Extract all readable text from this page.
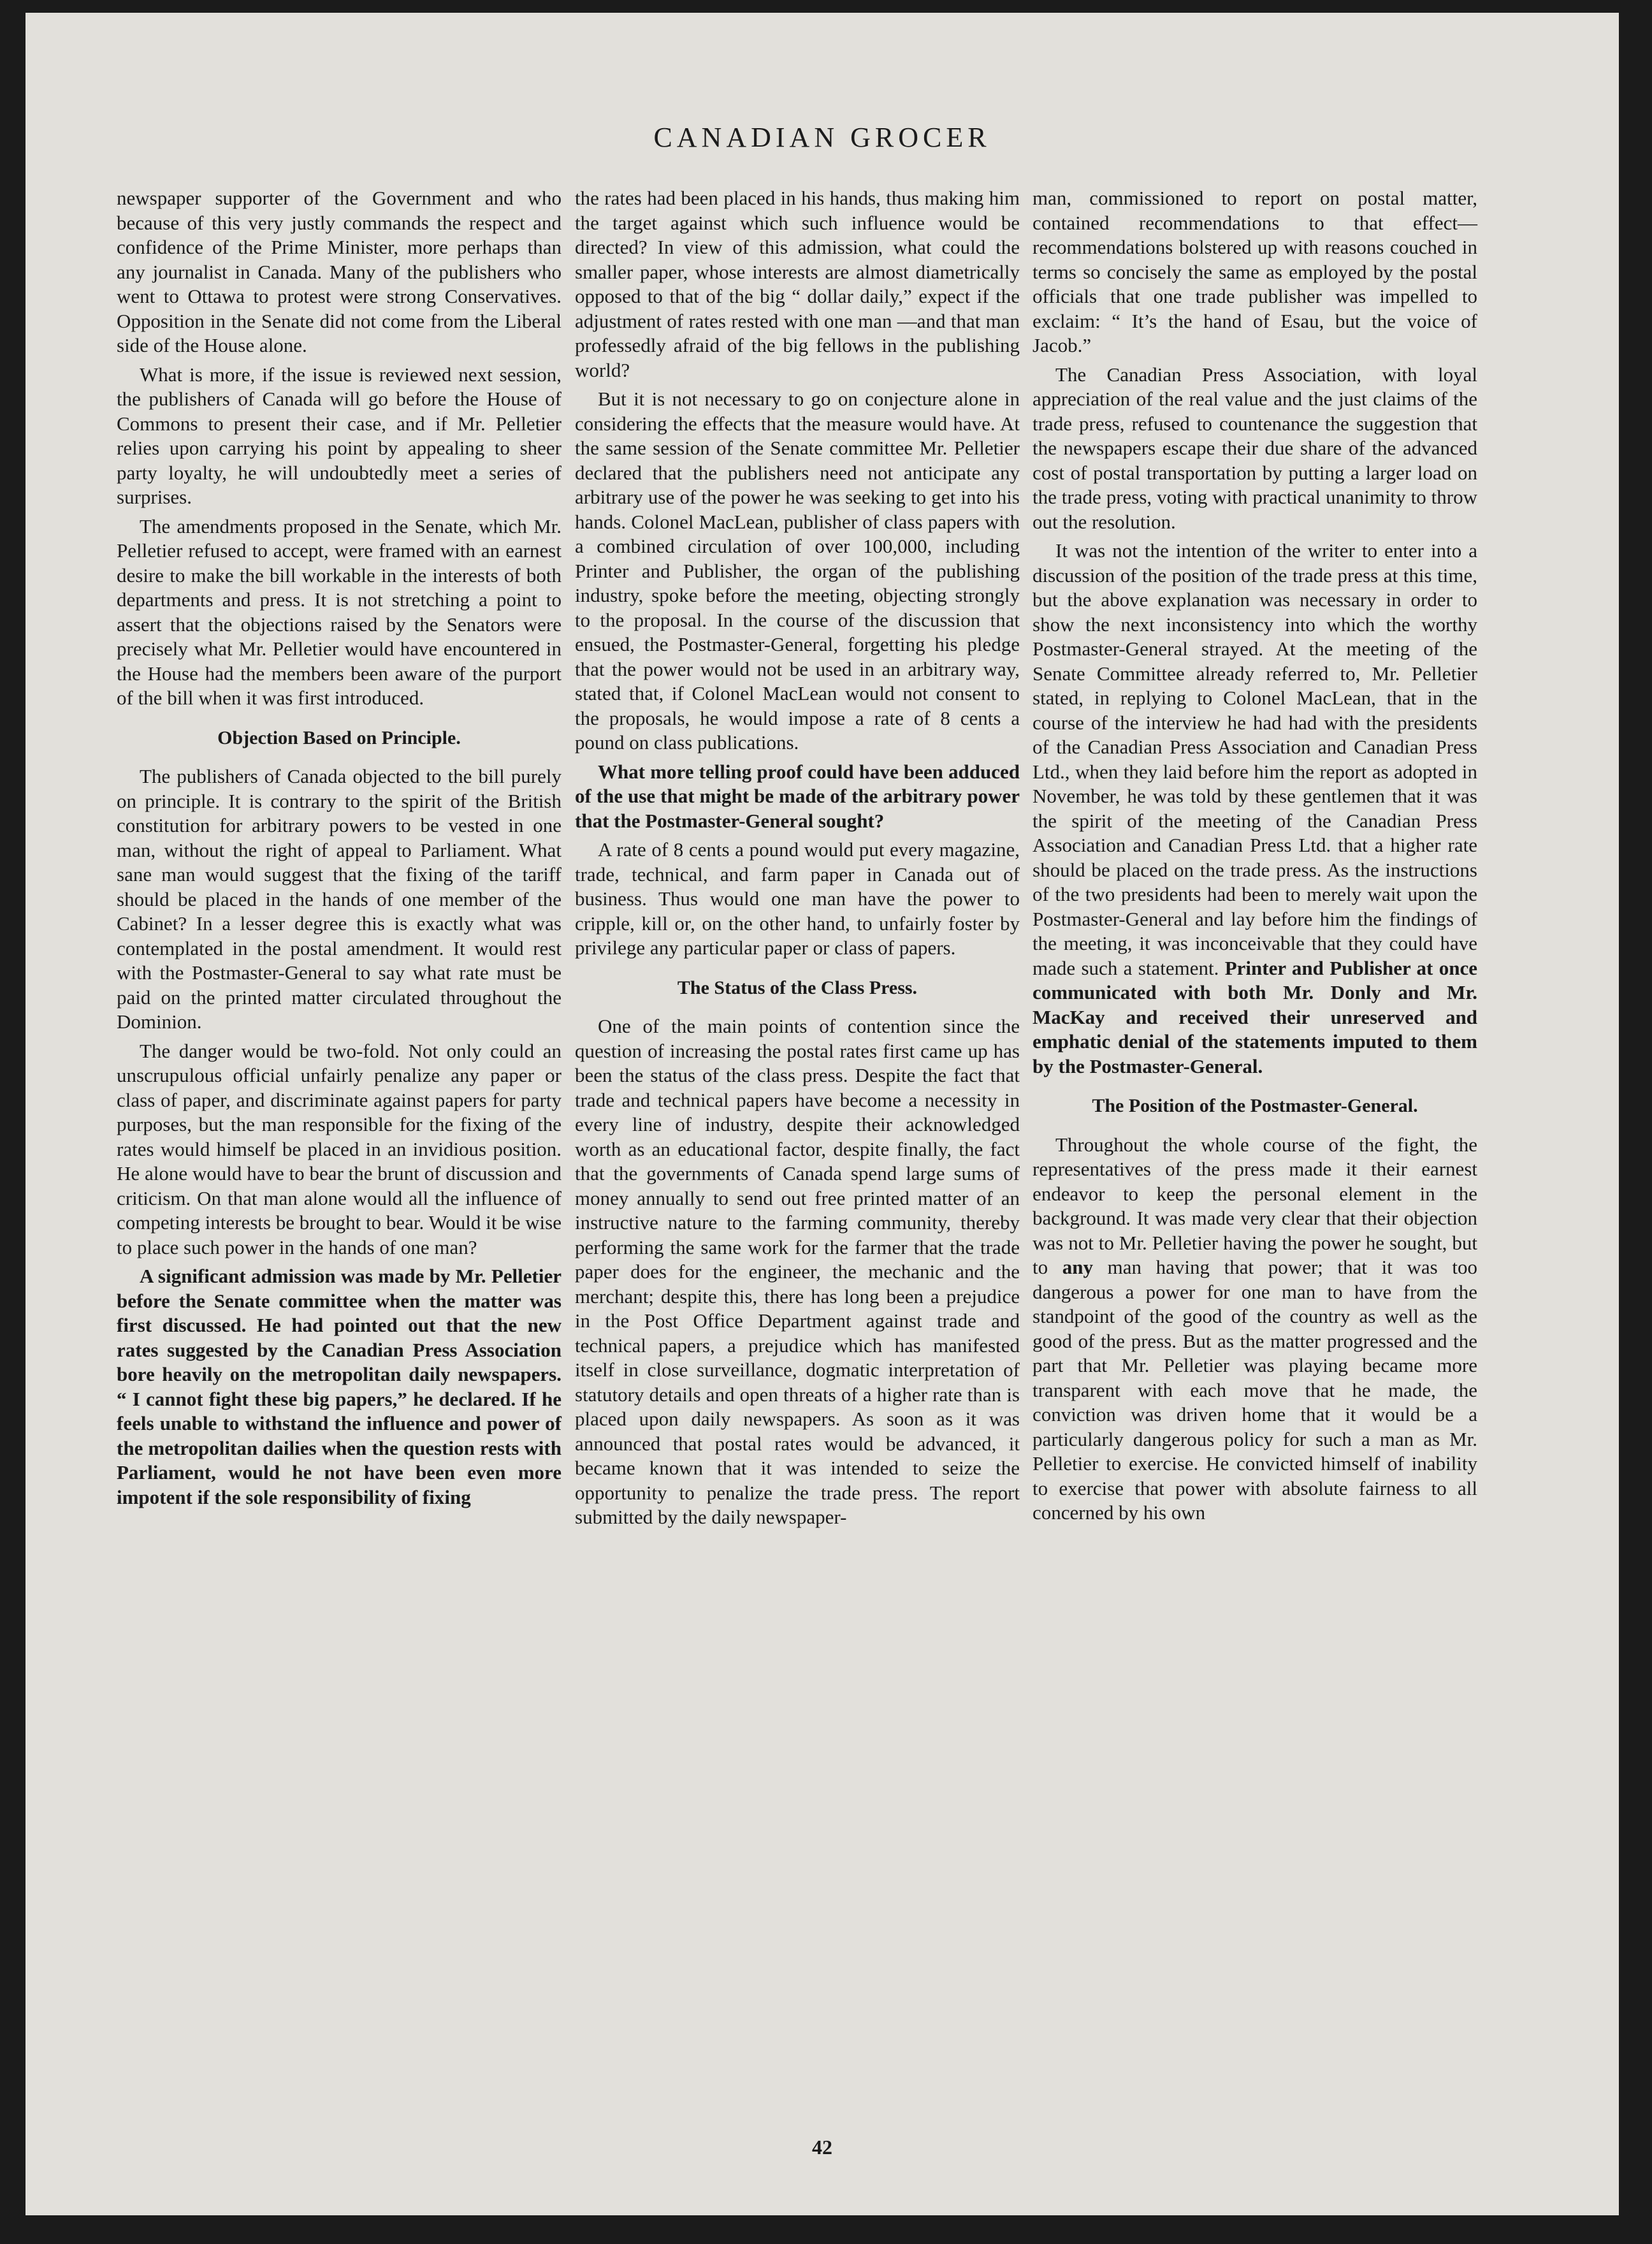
CANADIAN GROCER

newspaper supporter of the Government and who because of this very justly commands the respect and confidence of the Prime Minister, more perhaps than any journalist in Canada. Many of the publishers who went to Ottawa to protest were strong Conservatives. Opposition in the Senate did not come from the Liberal side of the House alone.

What is more, if the issue is reviewed next session, the publishers of Canada will go before the House of Commons to present their case, and if Mr. Pelletier relies upon carrying his point by appealing to sheer party loyalty, he will undoubtedly meet a series of surprises.

The amendments proposed in the Senate, which Mr. Pelletier refused to accept, were framed with an earnest desire to make the bill workable in the interests of both departments and press. It is not stretching a point to assert that the objections raised by the Senators were precisely what Mr. Pelletier would have encountered in the House had the members been aware of the purport of the bill when it was first introduced.

Objection Based on Principle.

The publishers of Canada objected to the bill purely on principle. It is contrary to the spirit of the British constitution for arbitrary powers to be vested in one man, without the right of appeal to Parliament. What sane man would suggest that the fixing of the tariff should be placed in the hands of one member of the Cabinet? In a lesser degree this is exactly what was contemplated in the postal amendment. It would rest with the Postmaster-General to say what rate must be paid on the printed matter circulated throughout the Dominion.

The danger would be two-fold. Not only could an unscrupulous official unfairly penalize any paper or class of paper, and discriminate against papers for party purposes, but the man responsible for the fixing of the rates would himself be placed in an invidious position. He alone would have to bear the brunt of discussion and criticism. On that man alone would all the influence of competing interests be brought to bear. Would it be wise to place such power in the hands of one man?

A significant admission was made by Mr. Pelletier before the Senate committee when the matter was first discussed. He had pointed out that the new rates suggested by the Canadian Press Association bore heavily on the metropolitan daily newspapers. “ I cannot fight these big papers,” he declared. If he feels unable to withstand the influence and power of the metropolitan dailies when the question rests with Parliament, would he not have been even more impotent if the sole responsibility of fixing

the rates had been placed in his hands, thus making him the target against which such influence would be directed? In view of this admission, what could the smaller paper, whose interests are almost diametrically opposed to that of the big “ dollar daily,” expect if the adjustment of rates rested with one man —and that man professedly afraid of the big fellows in the publishing world?

But it is not necessary to go on conjecture alone in considering the effects that the measure would have. At the same session of the Senate committee Mr. Pelletier declared that the publishers need not anticipate any arbitrary use of the power he was seeking to get into his hands. Colonel MacLean, publisher of class papers with a combined circulation of over 100,000, including Printer and Publisher, the organ of the publishing industry, spoke before the meeting, objecting strongly to the proposal. In the course of the discussion that ensued, the Postmaster-General, forgetting his pledge that the power would not be used in an arbitrary way, stated that, if Colonel MacLean would not consent to the proposals, he would impose a rate of 8 cents a pound on class publications.

What more telling proof could have been adduced of the use that might be made of the arbitrary power that the Postmaster-General sought?

A rate of 8 cents a pound would put every magazine, trade, technical, and farm paper in Canada out of business. Thus would one man have the power to cripple, kill or, on the other hand, to unfairly foster by privilege any particular paper or class of papers.

The Status of the Class Press.

One of the main points of contention since the question of increasing the postal rates first came up has been the status of the class press. Despite the fact that trade and technical papers have become a necessity in every line of industry, despite their acknowledged worth as an educational factor, despite finally, the fact that the governments of Canada spend large sums of money annually to send out free printed matter of an instructive nature to the farming community, thereby performing the same work for the farmer that the trade paper does for the engineer, the mechanic and the merchant; despite this, there has long been a prejudice in the Post Office Department against trade and technical papers, a prejudice which has manifested itself in close surveillance, dogmatic interpretation of statutory details and open threats of a higher rate than is placed upon daily newspapers. As soon as it was announced that postal rates would be advanced, it became known that it was intended to seize the opportunity to penalize the trade press. The report submitted by the daily newspaper-

man, commissioned to report on postal matter, contained recommendations to that effect—recommendations bolstered up with reasons couched in terms so concisely the same as employed by the postal officials that one trade publisher was impelled to exclaim: “ It’s the hand of Esau, but the voice of Jacob.”

The Canadian Press Association, with loyal appreciation of the real value and the just claims of the trade press, refused to countenance the suggestion that the newspapers escape their due share of the advanced cost of postal transportation by putting a larger load on the trade press, voting with practical unanimity to throw out the resolution.

It was not the intention of the writer to enter into a discussion of the position of the trade press at this time, but the above explanation was necessary in order to show the next inconsistency into which the worthy Postmaster-General strayed. At the meeting of the Senate Committee already referred to, Mr. Pelletier stated, in replying to Colonel MacLean, that in the course of the interview he had had with the presidents of the Canadian Press Association and Canadian Press Ltd., when they laid before him the report as adopted in November, he was told by these gentlemen that it was the spirit of the meeting of the Canadian Press Association and Canadian Press Ltd. that a higher rate should be placed on the trade press. As the instructions of the two presidents had been to merely wait upon the Postmaster-General and lay before him the findings of the meeting, it was inconceivable that they could have made such a statement. Printer and Publisher at once communicated with both Mr. Donly and Mr. MacKay and received their unreserved and emphatic denial of the statements imputed to them by the Postmaster-General.

The Position of the Postmaster-General.

Throughout the whole course of the fight, the representatives of the press made it their earnest endeavor to keep the personal element in the background. It was made very clear that their objection was not to Mr. Pelletier having the power he sought, but to any man having that power; that it was too dangerous a power for one man to have from the standpoint of the good of the country as well as the good of the press. But as the matter progressed and the part that Mr. Pelletier was playing became more transparent with each move that he made, the conviction was driven home that it would be a particularly dangerous policy for such a man as Mr. Pelletier to exercise. He convicted himself of inability to exercise that power with absolute fairness to all concerned by his own

42
